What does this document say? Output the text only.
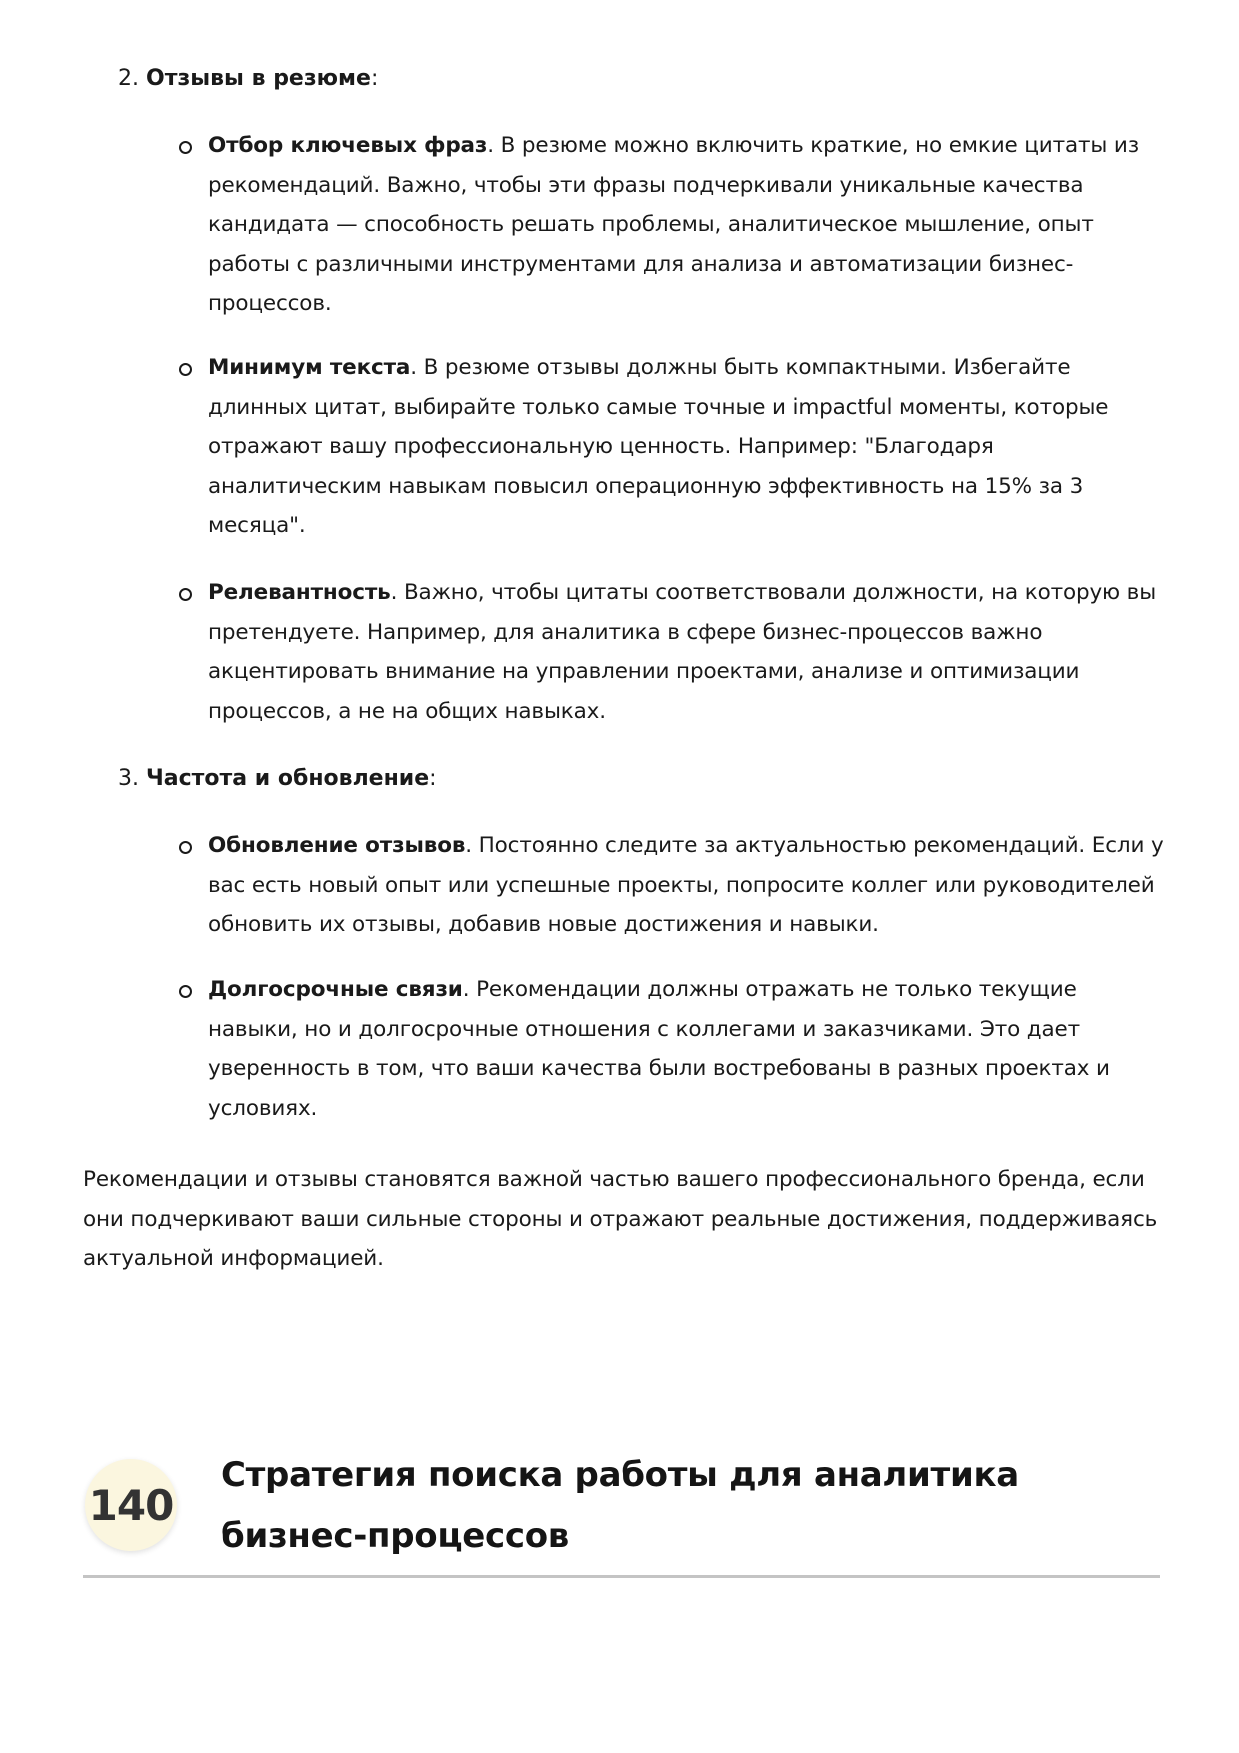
2. Отзывы в резюме:
Отбор ключевых фраз. В резюме можно включить краткие, но емкие цитаты из рекомендаций. Важно, чтобы эти фразы подчеркивали уникальные качества кандидата — способность решать проблемы, аналитическое мышление, опыт работы с различными инструментами для анализа и автоматизации бизнес-процессов.
Минимум текста. В резюме отзывы должны быть компактными. Избегайте длинных цитат, выбирайте только самые точные и impactful моменты, которые отражают вашу профессиональную ценность. Например: "Благодаря аналитическим навыкам повысил операционную эффективность на 15% за 3 месяца".
Релевантность. Важно, чтобы цитаты соответствовали должности, на которую вы претендуете. Например, для аналитика в сфере бизнес-процессов важно акцентировать внимание на управлении проектами, анализе и оптимизации процессов, а не на общих навыках.
3. Частота и обновление:
Обновление отзывов. Постоянно следите за актуальностью рекомендаций. Если у вас есть новый опыт или успешные проекты, попросите коллег или руководителей обновить их отзывы, добавив новые достижения и навыки.
Долгосрочные связи. Рекомендации должны отражать не только текущие навыки, но и долгосрочные отношения с коллегами и заказчиками. Это дает уверенность в том, что ваши качества были востребованы в разных проектах и условиях.

Рекомендации и отзывы становятся важной частью вашего профессионального бренда, если они подчеркивают ваши сильные стороны и отражают реальные достижения, поддерживаясь актуальной информацией.

140
Стратегия поиска работы для аналитика бизнес-процессов
